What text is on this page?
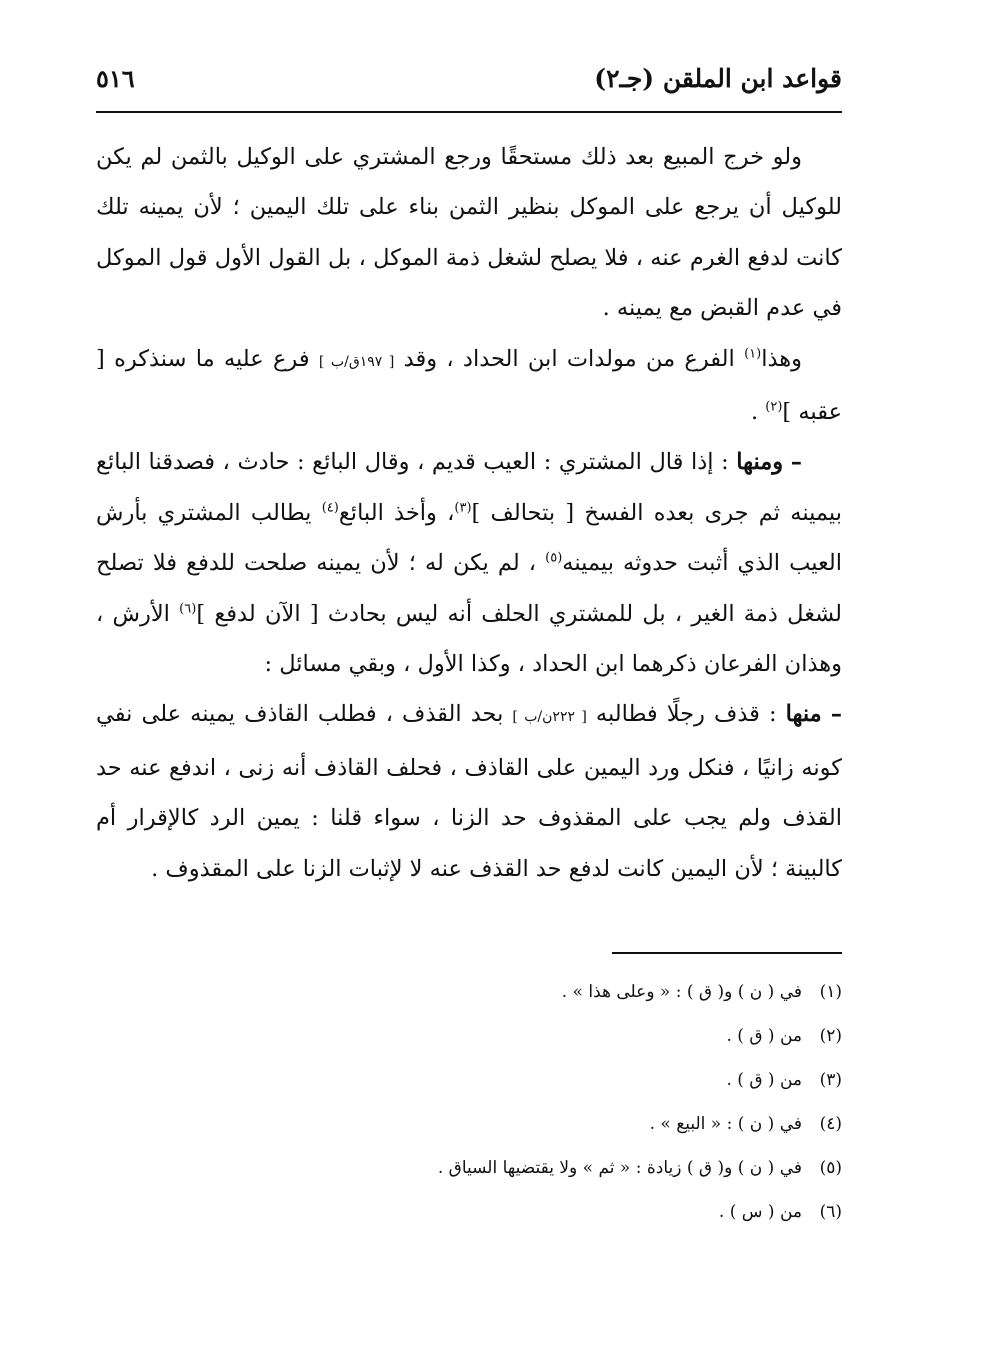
قواعد ابن الملقن (جـ٢)
٥١٦

ولو خرج المبيع بعد ذلك مستحقًا ورجع المشتري على الوكيل بالثمن لم يكن للوكيل أن يرجع على الموكل بنظير الثمن بناء على تلك اليمين ؛ لأن يمينه تلك كانت لدفع الغرم عنه ، فلا يصلح لشغل ذمة الموكل ، بل القول الأول قول الموكل في عدم القبض مع يمينه .

وهذا$^{(١)}$ الفرع من مولدات ابن الحداد ، وقد [ ١٩٧ق/ب ] فرع عليه ما سنذكره [ عقبه ]$^{(٢)}$ .

– ومنها : إذا قال المشتري : العيب قديم ، وقال البائع : حادث ، فصدقنا البائع بيمينه ثم جرى بعده الفسخ [ بتحالف ]$^{(٣)}$، وأخذ البائع$^{(٤)}$ يطالب المشتري بأرش العيب الذي أثبت حدوثه بيمينه$^{(٥)}$ ، لم يكن له ؛ لأن يمينه صلحت للدفع فلا تصلح لشغل ذمة الغير ، بل للمشتري الحلف أنه ليس بحادث [ الآن لدفع ]$^{(٦)}$ الأرش ، وهذان الفرعان ذكرهما ابن الحداد ، وكذا الأول ، وبقي مسائل :

– منها : قذف رجلًا فطالبه [ ٢٢٢ن/ب ] بحد القذف ، فطلب القاذف يمينه على نفي كونه زانيًا ، فنكل ورد اليمين على القاذف ، فحلف القاذف أنه زنى ، اندفع عنه حد القذف ولم يجب على المقذوف حد الزنا ، سواء قلنا : يمين الرد كالإقرار أم كالبينة ؛ لأن اليمين كانت لدفع حد القذف عنه لا لإثبات الزنا على المقذوف .

(١)في ( ن ) و( ق ) : « وعلى هذا » .
(٢)من ( ق ) .
(٣)من ( ق ) .
(٤)في ( ن ) : « البيع » .
(٥)في ( ن ) و( ق ) زيادة : « ثم » ولا يقتضيها السياق .
(٦)من ( س ) .
